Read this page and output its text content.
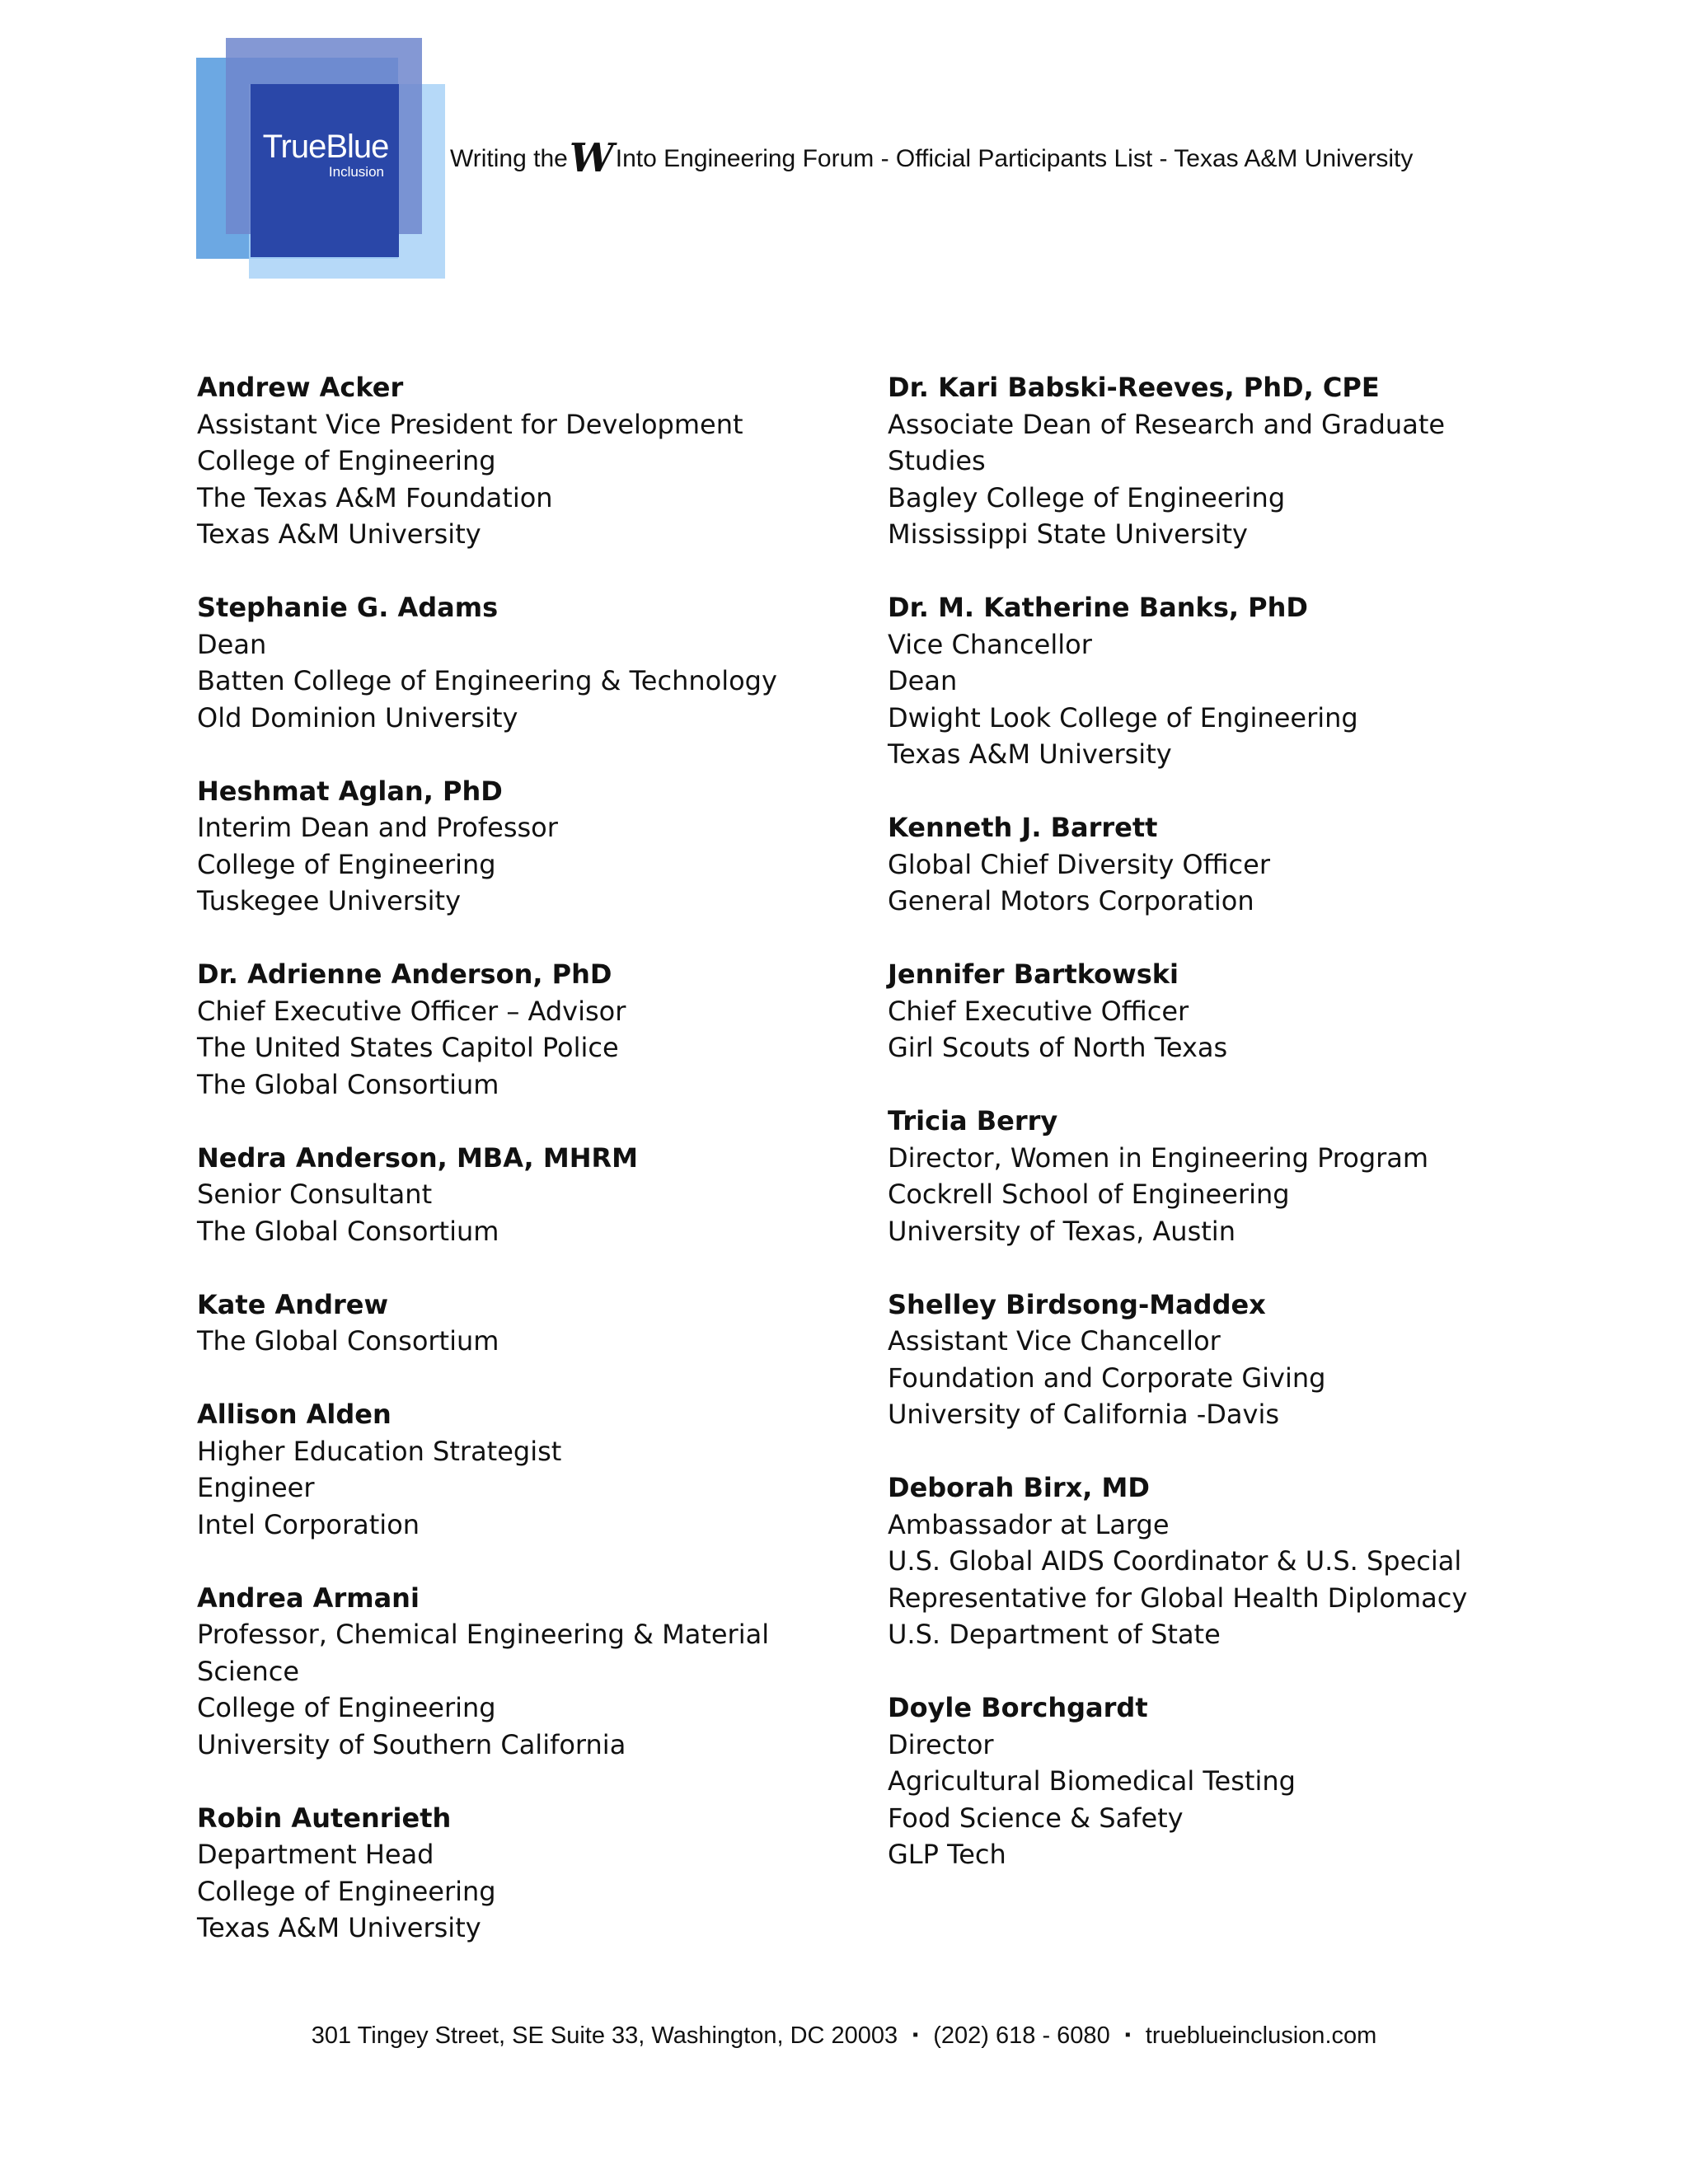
TrueBlue
Inclusion	Writing theWInto Engineering Forum - Official Participants List - Texas A&M University
Andrew Acker
Assistant Vice President for Development
College of Engineering
The Texas A&M Foundation
Texas A&M University
Stephanie G. Adams
Dean
Batten College of Engineering & Technology
Old Dominion University
Heshmat Aglan, PhD
Interim Dean and Professor
College of Engineering
Tuskegee University
Dr. Adrienne Anderson, PhD
Chief Executive Officer – Advisor
The United States Capitol Police
The Global Consortium
Nedra Anderson, MBA, MHRM
Senior Consultant
The Global Consortium
Kate Andrew
The Global Consortium
Allison Alden
Higher Education Strategist
Engineer
Intel Corporation
Andrea Armani
Professor, Chemical Engineering & Material
Science
College of Engineering
University of Southern California
Robin Autenrieth
Department Head
College of Engineering
Texas A&M University
Dr. Kari Babski-Reeves, PhD, CPE
Associate Dean of Research and Graduate
Studies
Bagley College of Engineering
Mississippi State University
Dr. M. Katherine Banks, PhD
Vice Chancellor
Dean
Dwight Look College of Engineering
Texas A&M University
Kenneth J. Barrett
Global Chief Diversity Officer
General Motors Corporation
Jennifer Bartkowski
Chief Executive Officer
Girl Scouts of North Texas
Tricia Berry
Director, Women in Engineering Program
Cockrell School of Engineering
University of Texas, Austin
Shelley Birdsong-Maddex
Assistant Vice Chancellor
Foundation and Corporate Giving
University of California -Davis
Deborah Birx, MD
Ambassador at Large
U.S. Global AIDS Coordinator & U.S. Special
Representative for Global Health Diplomacy
U.S. Department of State
Doyle Borchgardt
Director
Agricultural Biomedical Testing
Food Science & Safety
GLP Tech
301 Tingey Street, SE Suite 33, Washington, DC 20003 ▪ (202) 618 - 6080 ▪ trueblueinclusion.com
